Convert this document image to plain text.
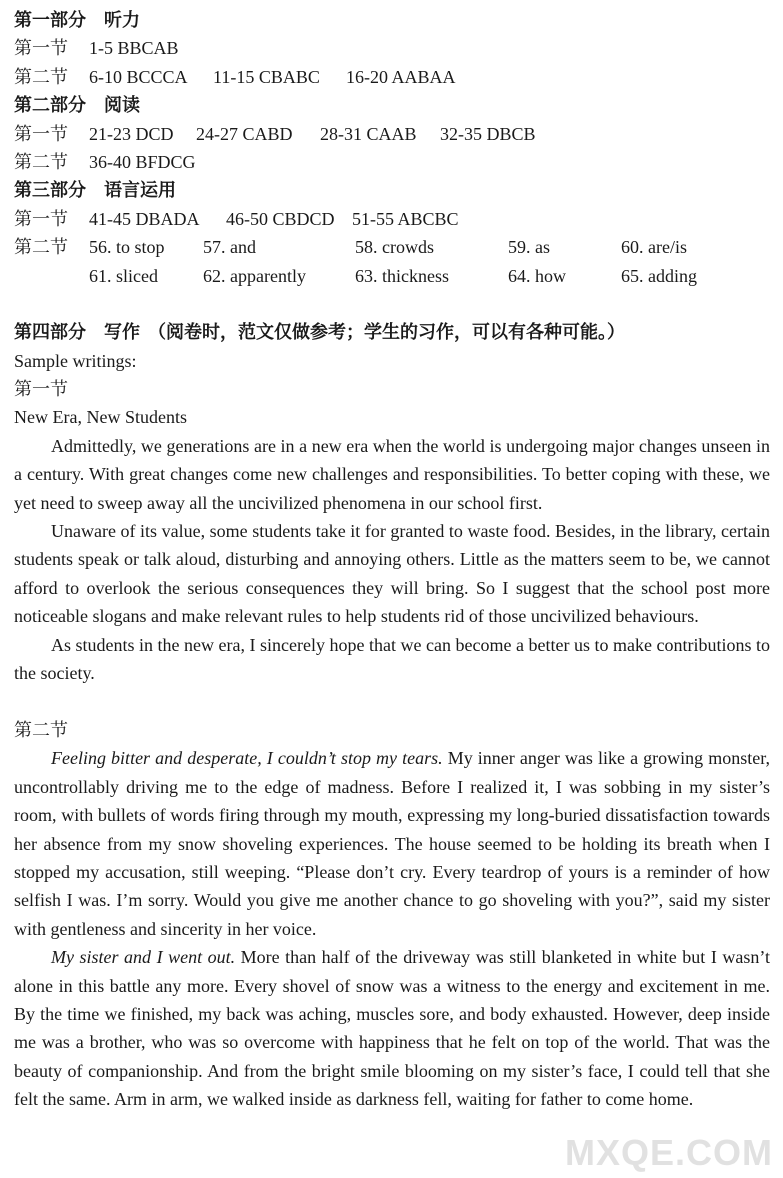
第一部分 听力
第一节 1-5 BBCAB
第二节 6-10 BCCCA 11-15 CBABC 16-20 AABAA
第二部分 阅读
第一节 21-23 DCD 24-27 CABD 28-31 CAAB 32-35 DBCB
第二节 36-40 BFDCG
第三部分 语言运用
第一节 41-45 DBADA 46-50 CBDCD 51-55 ABCBC
第二节 56. to stop 57. and	58. crowds	59. as	60. are/is
61. sliced	62. apparently	63. thickness	64. how	65. adding
第四部分 写作 （阅卷时，范文仅做参考；学生的习作，可以有各种可能。）
Sample writings:
第一节
New Era, New Students

Admittedly, we generations are in a new era when the world is undergoing major changes unseen in a century. With great changes come new challenges and responsibilities. To better coping with these, we yet need to sweep away all the uncivilized phenomena in our school first.

Unaware of its value, some students take it for granted to waste food. Besides, in the library, certain students speak or talk aloud, disturbing and annoying others. Little as the matters seem to be, we cannot afford to overlook the serious consequences they will bring. So I suggest that the school post more noticeable slogans and make relevant rules to help students rid of those uncivilized behaviours.

As students in the new era, I sincerely hope that we can become a better us to make contributions to the society.

第二节

Feeling bitter and desperate, I couldn’t stop my tears. My inner anger was like a growing monster, uncontrollably driving me to the edge of madness. Before I realized it, I was sobbing in my sister’s room, with bullets of words firing through my mouth, expressing my long-buried dissatisfaction towards her absence from my snow shoveling experiences. The house seemed to be holding its breath when I stopped my accusation, still weeping. “Please don’t cry. Every teardrop of yours is a reminder of how selfish I was. I’m sorry. Would you give me another chance to go shoveling with you?”, said my sister with gentleness and sincerity in her voice.

My sister and I went out. More than half of the driveway was still blanketed in white but I wasn’t alone in this battle any more. Every shovel of snow was a witness to the energy and excitement in me. By the time we finished, my back was aching, muscles sore, and body exhausted. However, deep inside me was a brother, who was so overcome with happiness that he felt on top of the world. That was the beauty of companionship. And from the bright smile blooming on my sister’s face, I could tell that she felt the same. Arm in arm, we walked inside as darkness fell, waiting for father to come home.

MXQE.COM
